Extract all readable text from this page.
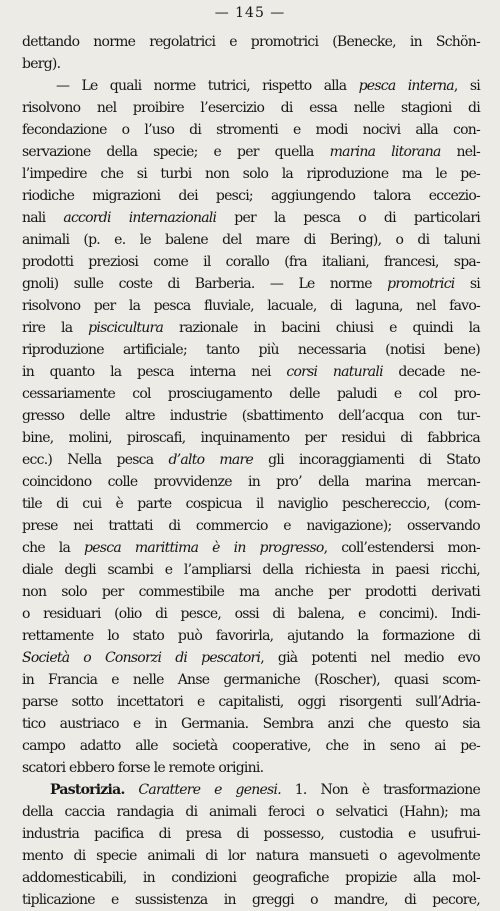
— 145 —
dettando norme regolatrici e promotrici (Benecke, in Schön-
berg).
— Le quali norme tutrici, rispetto alla pesca interna, si
risolvono nel proibire l’esercizio di essa nelle stagioni di
fecondazione o l’uso di stromenti e modi nocivi alla con-
servazione della specie; e per quella marina litorana nel-
l’impedire che si turbi non solo la riproduzione ma le pe-
riodiche migrazioni dei pesci; aggiungendo talora eccezio-
nali accordi internazionali per la pesca o di particolari
animali (p. e. le balene del mare di Bering), o di taluni
prodotti preziosi come il corallo (fra italiani, francesi, spa-
gnoli) sulle coste di Barberia. — Le norme promotrici si
risolvono per la pesca fluviale, lacuale, di laguna, nel favo-
rire la piscicultura razionale in bacini chiusi e quindi la
riproduzione artificiale; tanto più necessaria (notisi bene)
in quanto la pesca interna nei corsi naturali decade ne-
cessariamente col prosciugamento delle paludi e col pro-
gresso delle altre industrie (sbattimento dell’acqua con tur-
bine, molini, piroscafi, inquinamento per residui di fabbrica
ecc.) Nella pesca d’alto mare gli incoraggiamenti di Stato
coincidono colle provvidenze in pro’ della marina mercan-
tile di cui è parte cospicua il naviglio peschereccio, (com-
prese nei trattati di commercio e navigazione); osservando
che la pesca marittima è in progresso, coll’estendersi mon-
diale degli scambi e l’ampliarsi della richiesta in paesi ricchi,
non solo per commestibile ma anche per prodotti derivati
o residuari (olio di pesce, ossi di balena, e concimi). Indi-
rettamente lo stato può favorirla, ajutando la formazione di
Società o Consorzi di pescatori, già potenti nel medio evo
in Francia e nelle Anse germaniche (Roscher), quasi scom-
parse sotto incettatori e capitalisti, oggi risorgenti sull’Adria-
tico austriaco e in Germania. Sembra anzi che questo sia
campo adatto alle società cooperative, che in seno ai pe-
scatori ebbero forse le remote origini.
Pastorizia. Carattere e genesi. 1. Non è trasformazione
della caccia randagia di animali feroci o selvatici (Hahn); ma
industria pacifica di presa di possesso, custodia e usufrui-
mento di specie animali di lor natura mansueti o agevolmente
addomesticabili, in condizioni geografiche propizie alla mol-
tiplicazione e sussistenza in greggi o mandre, di pecore,
